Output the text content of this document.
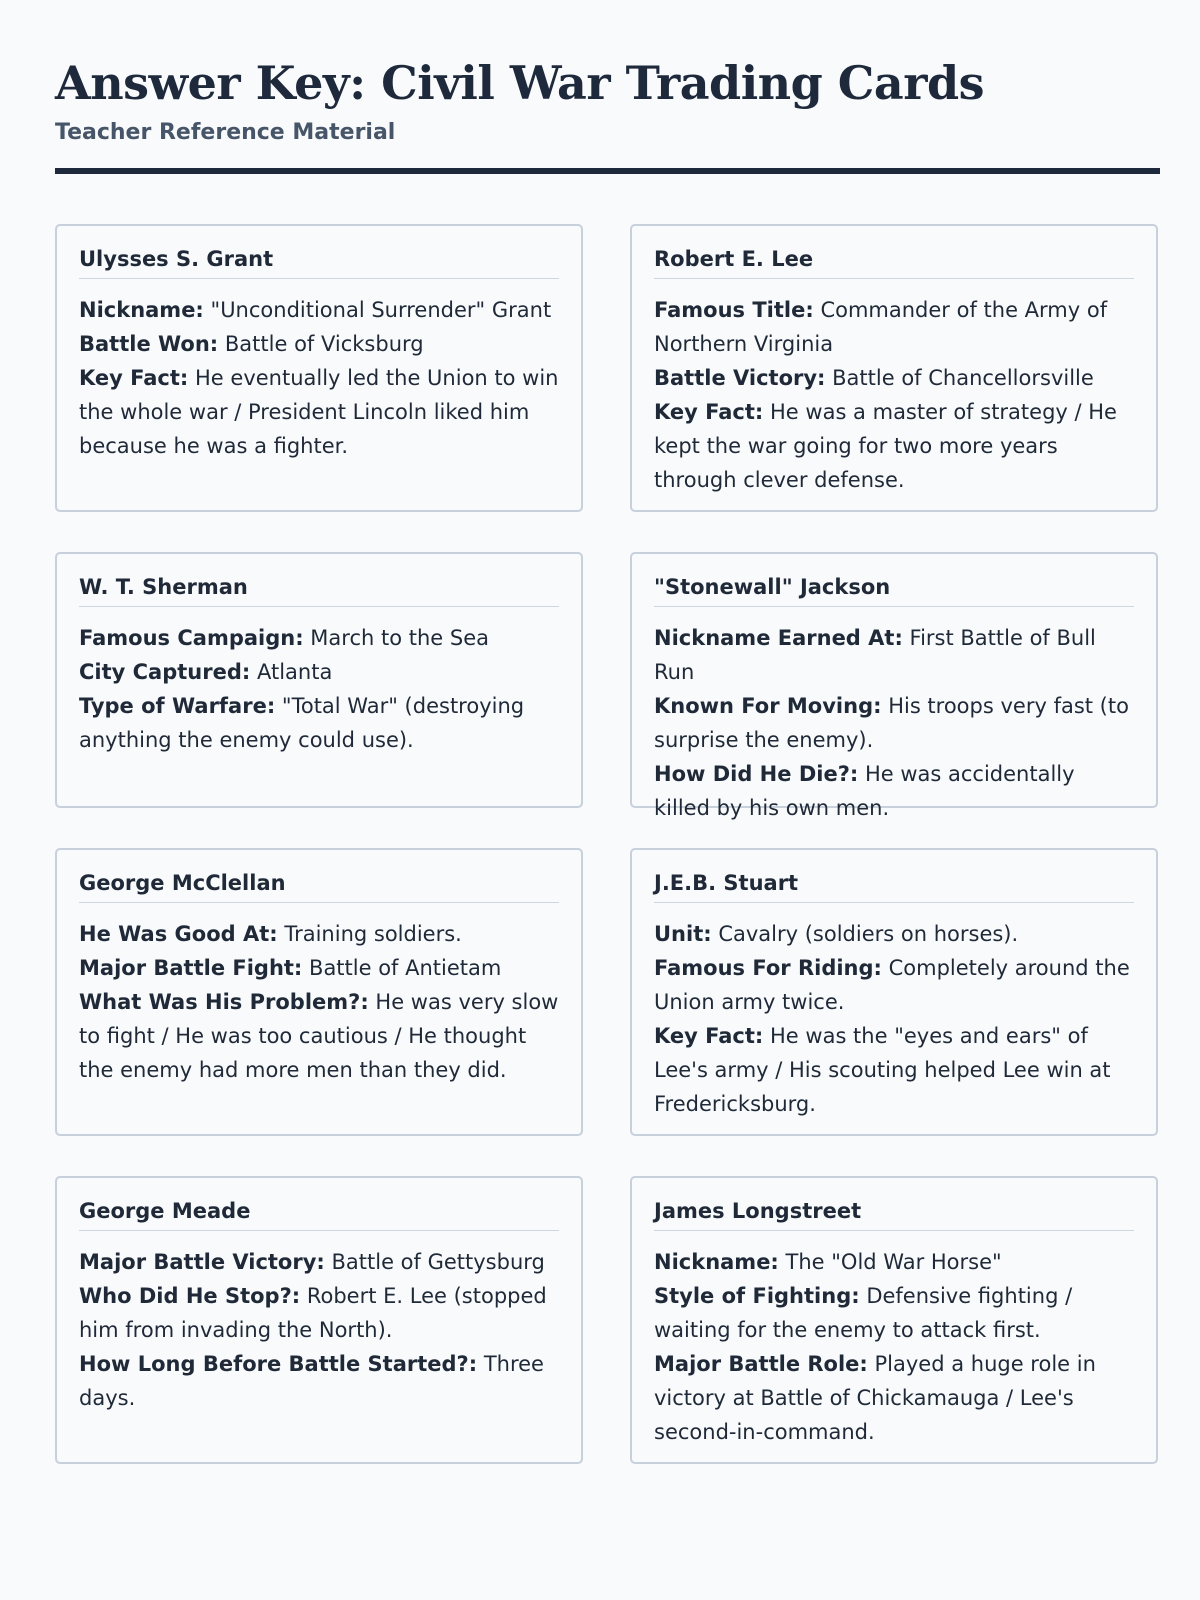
Answer Key: Civil War Trading Cards
Teacher Reference Material
Ulysses S. Grant
Nickname: "Unconditional Surrender" Grant
Battle Won: Battle of Vicksburg
Key Fact: He eventually led the Union to win the whole war / President Lincoln liked him because he was a fighter.
Robert E. Lee
Famous Title: Commander of the Army of Northern Virginia
Battle Victory: Battle of Chancellorsville
Key Fact: He was a master of strategy / He kept the war going for two more years through clever defense.
W. T. Sherman
Famous Campaign: March to the Sea
City Captured: Atlanta
Type of Warfare: "Total War" (destroying anything the enemy could use).
"Stonewall" Jackson
Nickname Earned At: First Battle of Bull Run
Known For Moving: His troops very fast (to surprise the enemy).
How Did He Die?: He was accidentally killed by his own men.
George McClellan
He Was Good At: Training soldiers.
Major Battle Fight: Battle of Antietam
What Was His Problem?: He was very slow to fight / He was too cautious / He thought the enemy had more men than they did.
J.E.B. Stuart
Unit: Cavalry (soldiers on horses).
Famous For Riding: Completely around the Union army twice.
Key Fact: He was the "eyes and ears" of Lee's army / His scouting helped Lee win at Fredericksburg.
George Meade
Major Battle Victory: Battle of Gettysburg
Who Did He Stop?: Robert E. Lee (stopped him from invading the North).
How Long Before Battle Started?: Three days.
James Longstreet
Nickname: The "Old War Horse"
Style of Fighting: Defensive fighting / waiting for the enemy to attack first.
Major Battle Role: Played a huge role in victory at Battle of Chickamauga / Lee's second-in-command.
